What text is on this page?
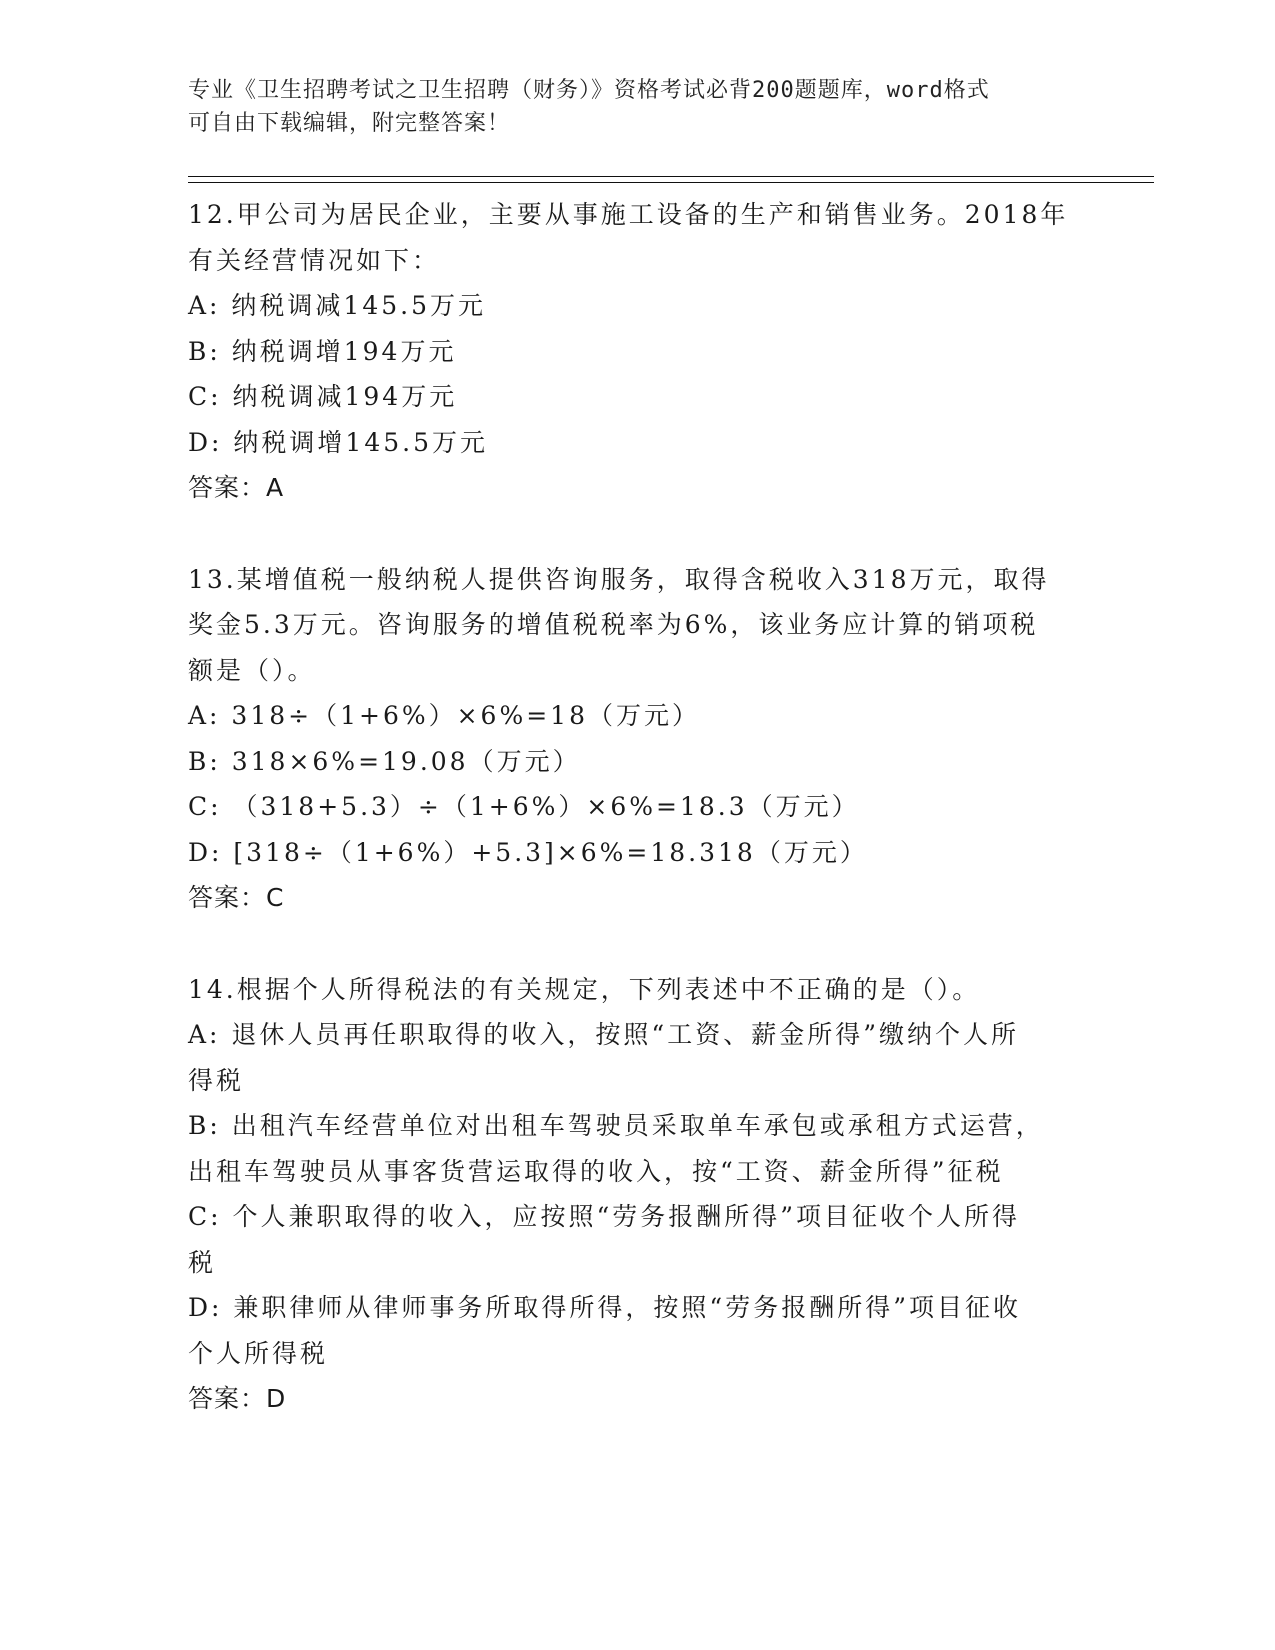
专业《卫生招聘考试之卫生招聘（财务）》资格考试必背200题题库，word格式
可自由下载编辑，附完整答案！
12.甲公司为居民企业，主要从事施工设备的生产和销售业务。2018年
有关经营情况如下：
A: 纳税调减145.5万元
B: 纳税调增194万元
C: 纳税调减194万元
D: 纳税调增145.5万元
答案：A
13.某增值税一般纳税人提供咨询服务，取得含税收入318万元，取得
奖金5.3万元。咨询服务的增值税税率为6%，该业务应计算的销项税
额是（）。
A: 318÷（1+6%）×6%=18（万元）
B: 318×6%=19.08（万元）
C: （318+5.3）÷（1+6%）×6%=18.3（万元）
D: [318÷（1+6%）+5.3]×6%=18.318（万元）
答案：C
14.根据个人所得税法的有关规定，下列表述中不正确的是（）。
A: 退休人员再任职取得的收入，按照“工资、薪金所得”缴纳个人所
得税
B: 出租汽车经营单位对出租车驾驶员采取单车承包或承租方式运营，
出租车驾驶员从事客货营运取得的收入，按“工资、薪金所得”征税
C: 个人兼职取得的收入，应按照“劳务报酬所得”项目征收个人所得
税
D: 兼职律师从律师事务所取得所得，按照“劳务报酬所得”项目征收
个人所得税
答案：D
